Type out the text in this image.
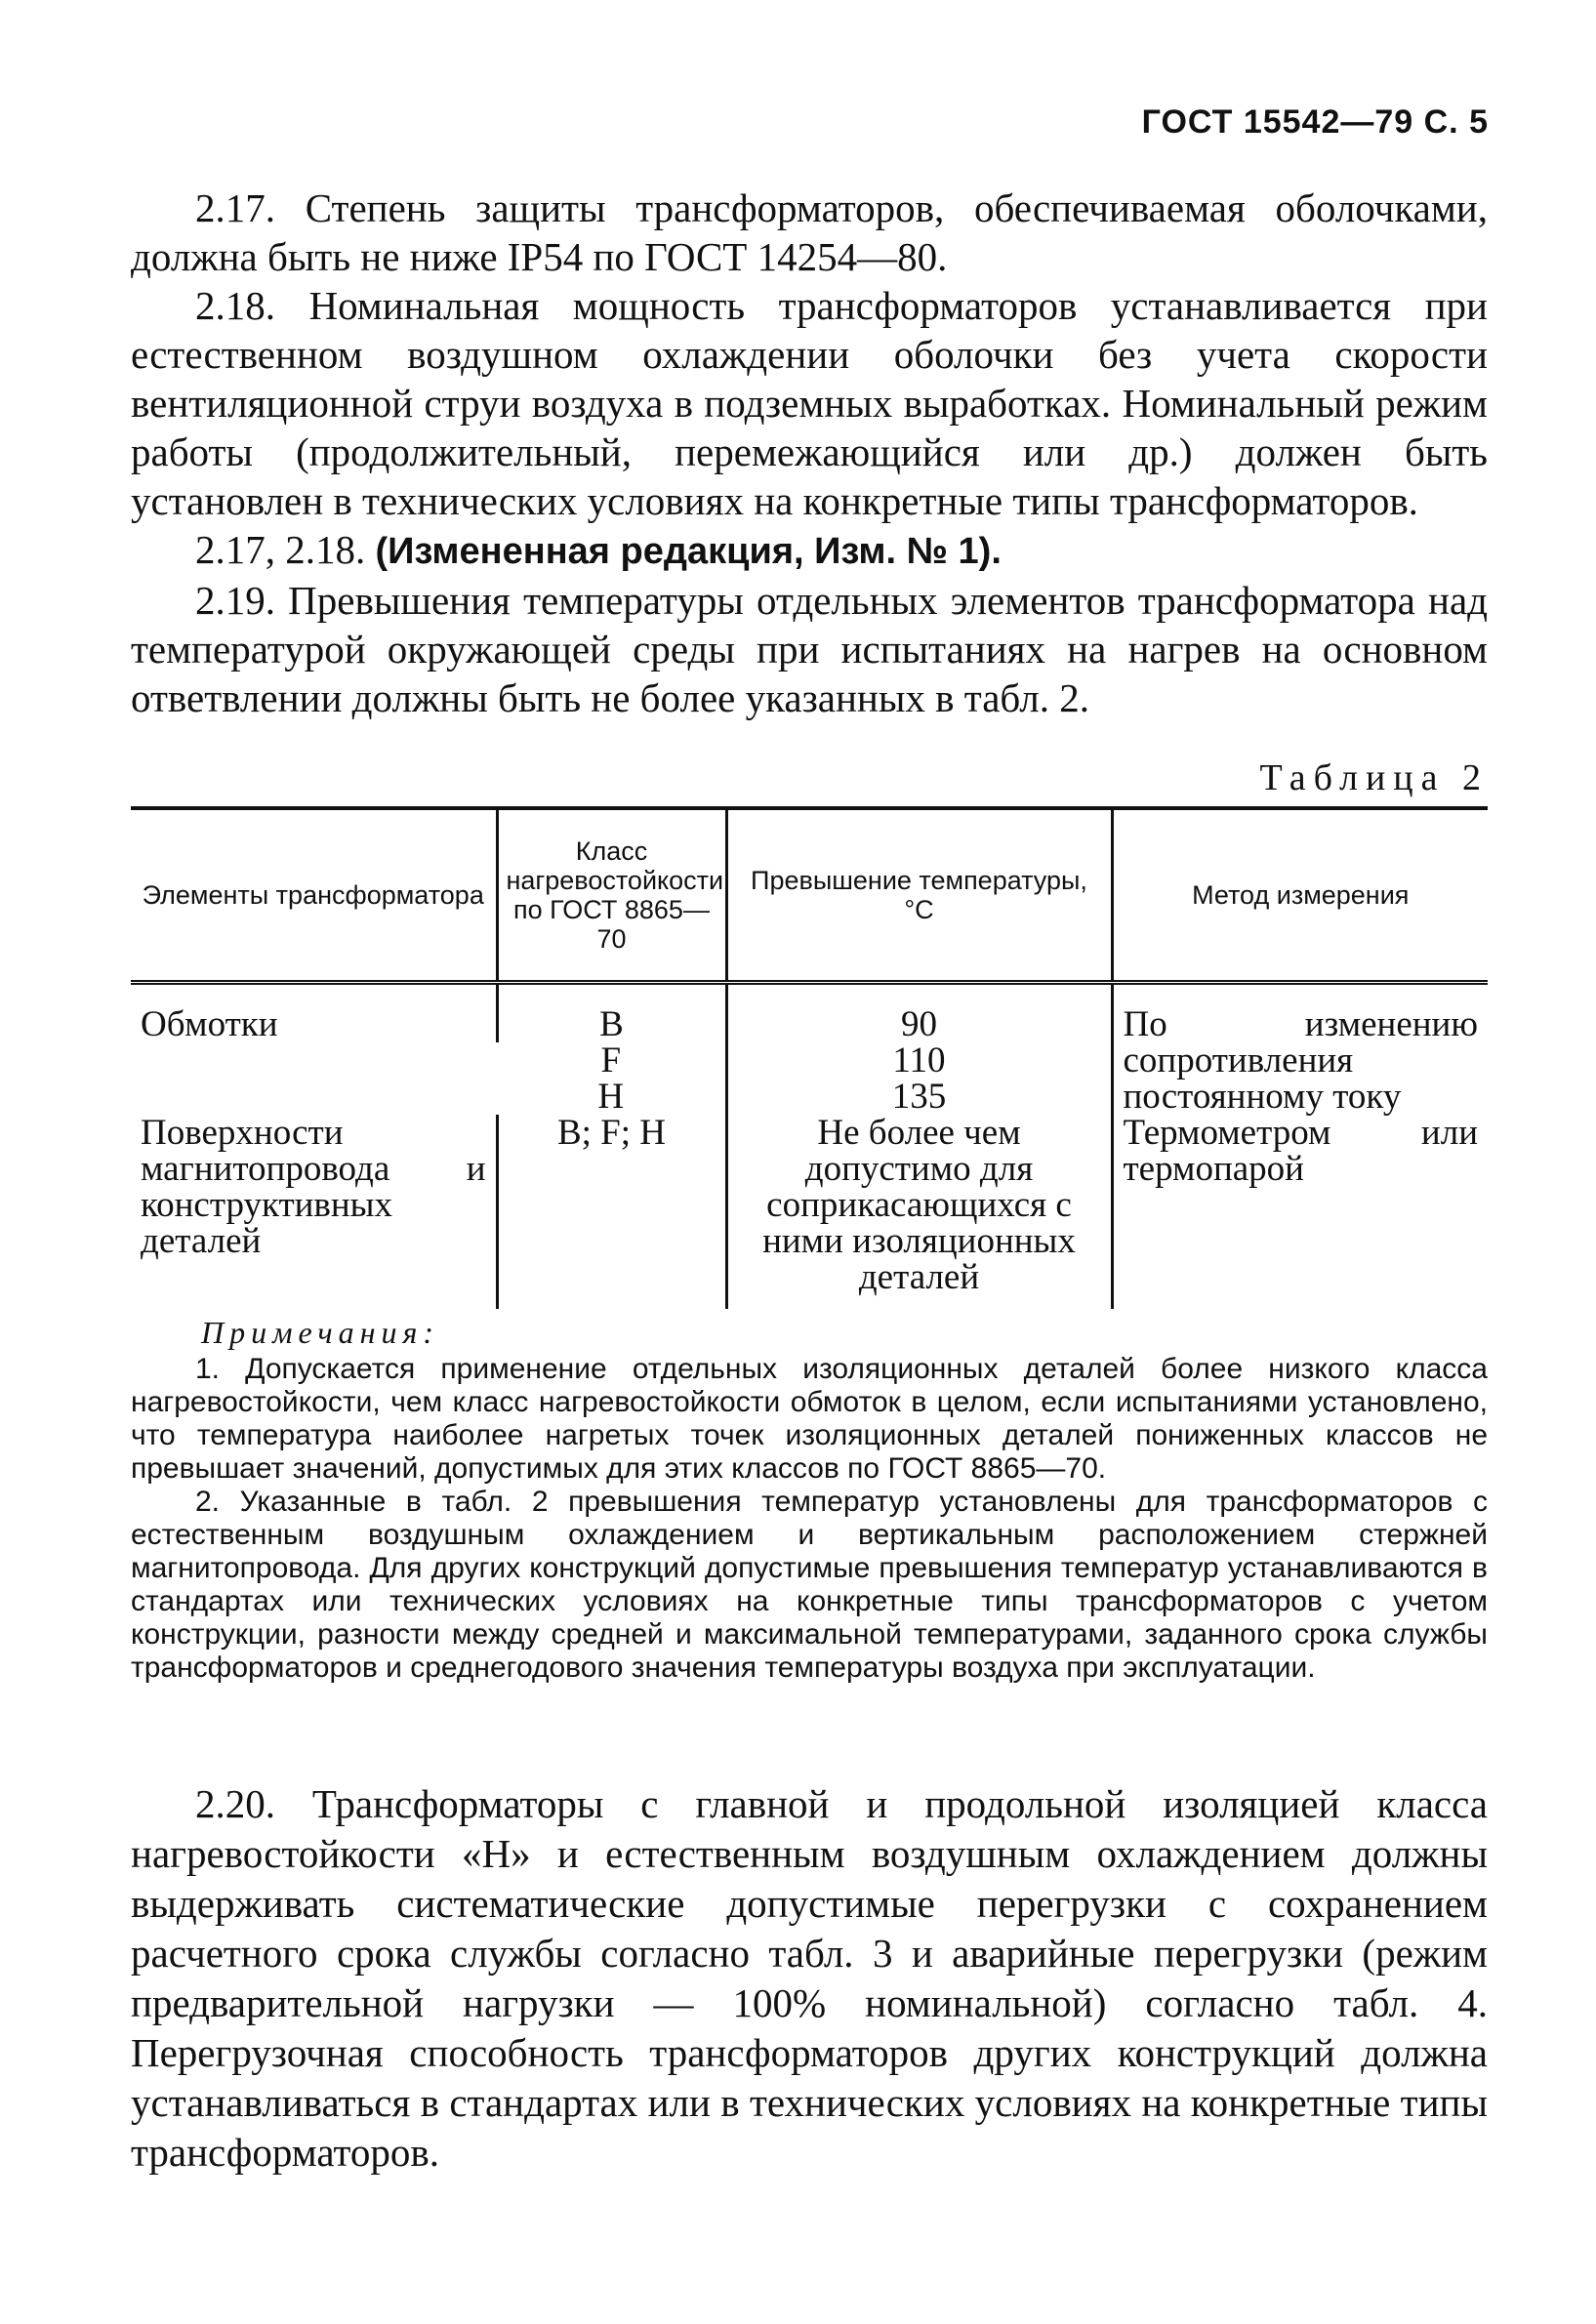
ГОСТ 15542—79 С. 5

2.17. Степень защиты трансформаторов, обеспечиваемая оболочками, должна быть не ниже IP54 по ГОСТ 14254—80.

2.18. Номинальная мощность трансформаторов устанавливается при естественном воздушном охлаждении оболочки без учета скорости вентиляционной струи воздуха в подземных выработках. Номинальный режим работы (продолжительный, перемежающийся или др.) должен быть установлен в технических условиях на конкретные типы трансформаторов.

2.17, 2.18. (Измененная редакция, Изм. № 1).

2.19. Превышения температуры отдельных элементов трансформатора над температурой окружающей среды при испытаниях на нагрев на основном ответвлении должны быть не более указанных в табл. 2.

Таблица 2
Элементы трансформатора	Класс нагревостойкости по ГОСТ 8865—70	Превышение температуры, °С	Метод измерения
Обмотки	B	90	По изменению сопротивления постоянному току
	F	110	
	H	135	
Поверхности магнитопровода и конструктивных деталей	B; F; H	Не более чем допустимо для соприкасающихся с ними изоляционных деталей	Термометром или термопарой

Примечания:

1. Допускается применение отдельных изоляционных деталей более низкого класса нагревостойкости, чем класс нагревостойкости обмоток в целом, если испытаниями установлено, что температура наиболее нагретых точек изоляционных деталей пониженных классов не превышает значений, допустимых для этих классов по ГОСТ 8865—70.

2. Указанные в табл. 2 превышения температур установлены для трансформаторов с естественным воздушным охлаждением и вертикальным расположением стержней магнитопровода. Для других конструкций допустимые превышения температур устанавливаются в стандартах или технических условиях на конкретные типы трансформаторов с учетом конструкции, разности между средней и максимальной температурами, заданного срока службы трансформаторов и среднегодового значения температуры воздуха при эксплуатации.

2.20. Трансформаторы с главной и продольной изоляцией класса нагревостойкости «Н» и естественным воздушным охлаждением должны выдерживать систематические допустимые перегрузки с сохранением расчетного срока службы согласно табл. 3 и аварийные перегрузки (режим предварительной нагрузки — 100% номинальной) согласно табл. 4. Перегрузочная способность трансформаторов других конструкций должна устанавливаться в стандартах или в технических условиях на конкретные типы трансформаторов.
